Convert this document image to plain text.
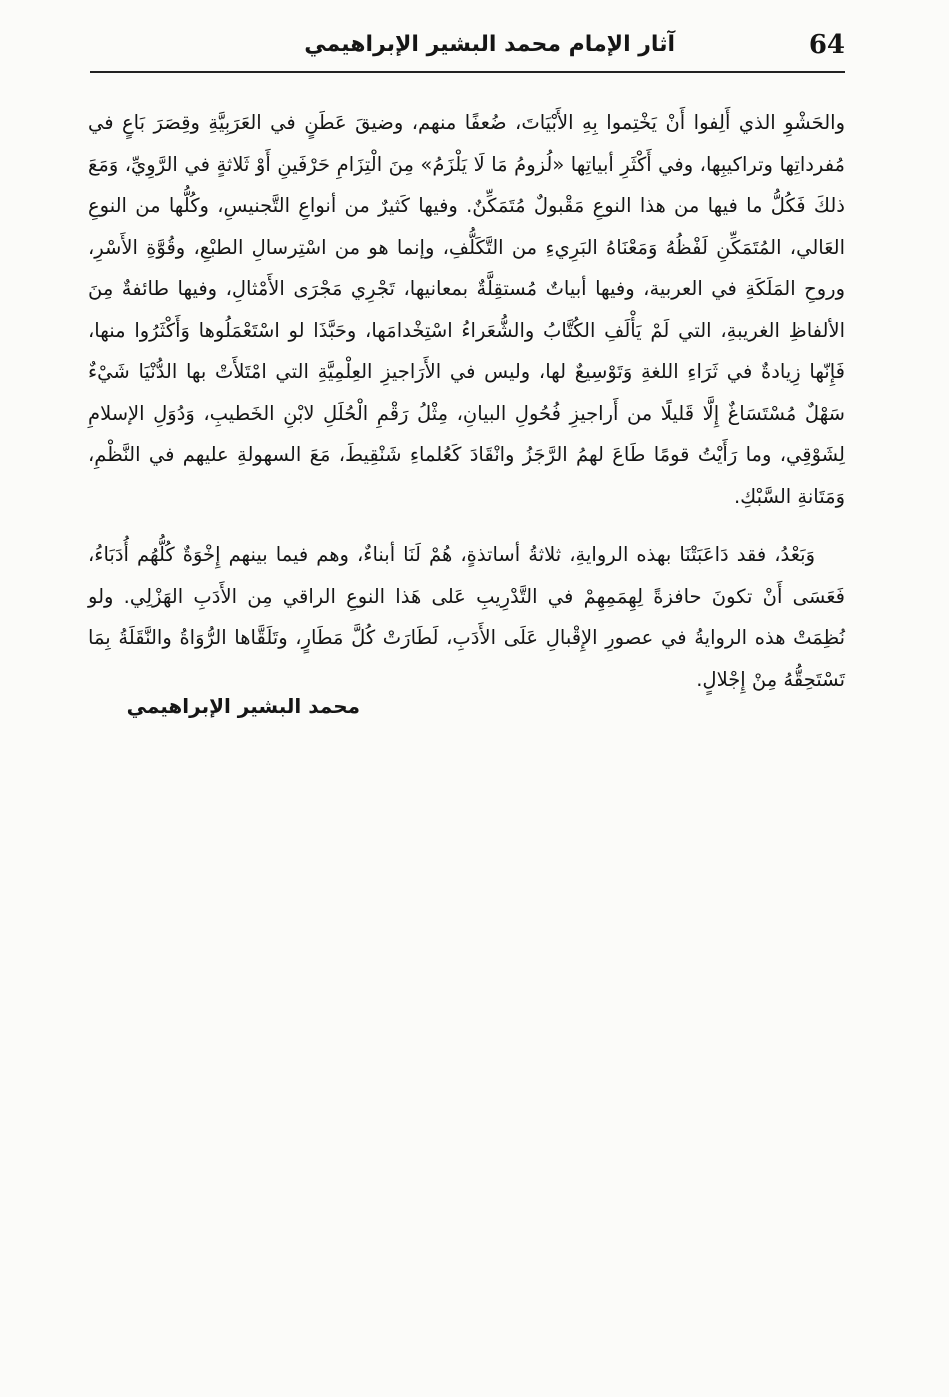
64
آثار الإمام محمد البشير الإبراهيمي

والحَشْوِ الذي أَلِفوا أَنْ يَخْتِموا بِهِ الأَبْيَاتَ، ضُعفًا منهم، وضيقَ عَطَنٍ في العَرَبِيَّةِ وقِصَرَ بَاعٍ في مُفرداتِها وتراكيبِها، وفي أَكْثَرِ أبياتِها «لُزومُ مَا لَا يَلْزَمُ» مِنَ الْتِزَامِ حَرْفَينِ أَوْ ثَلاثةٍ في الرَّوِيِّ، وَمَعَ ذلكَ فَكُلُّ ما فيها من هذا النوعِ مَقْبولٌ مُتَمَكِّنٌ. وفيها كَثيرٌ من أنواعِ التَّجنيسِ، وكُلُّها من النوعِ العَالي، المُتَمَكِّنِ لَفْظُهُ وَمَعْنَاهُ البَرِيءِ من التَّكَلُّفِ، وإنما هو من اسْتِرسالِ الطبْعِ، وقُوَّةِ الأَسْرِ، وروحِ المَلَكَةِ في العربية، وفيها أبياتٌ مُستقِلَّةٌ بمعانيها، تَجْرِي مَجْرَى الأَمْثالِ، وفيها طائفةٌ مِنَ الألفاظِ الغريبةِ، التي لَمْ يَأْلَفِ الكُتَّابُ والشُّعَراءُ اسْتِخْدامَها، وحَبَّذَا لو اسْتَعْمَلُوها وَأَكْثَرُوا منها، فَإِنّها زِيادةٌ في ثَرَاءِ اللغةِ وَتَوْسِيعٌ لها، وليس في الأَرَاجيزِ العِلْمِيَّةِ التي امْتَلأَتْ بها الدُّنْيَا شَيْءٌ سَهْلٌ مُسْتَسَاغٌ إِلَّا قَليلًا من أَراجيزِ فُحُولِ البيانِ، مِثْلُ رَقْمِ الْحُلَلِ لابْنِ الخَطيبِ، وَدُوَلِ الإسلامِ لِشَوْقِي، وما رَأَيْتُ قومًا طَاعَ لهمُ الرَّجَزُ وانْقَادَ كَعُلماءِ شَنْقِيطَ، مَعَ السهولةِ عليهم في النَّظْمِ، وَمَتَانةِ السَّبْكِ.

وَبَعْدُ، فقد دَاعَبَتْنَا بهذه الروايةِ، ثلاثةُ أساتذةٍ، هُمْ لَنَا أبناءٌ، وهم فيما بينهم إِخْوَةٌ كُلُّهُم أُدَبَاءُ، فَعَسَى أَنْ تكونَ حافزةً لِهِمَمِهِمْ في التَّدْرِيبِ عَلى هَذا النوعِ الراقي مِن الأَدَبِ الهَزْلِي. ولو نُظِمَتْ هذه الروايةُ في عصورِ الإِقْبالِ عَلَى الأَدَبِ، لَطَارَتْ كُلَّ مَطَارٍ، وتَلَقَّاها الرُّوَاةُ والنَّقَلَةُ بِمَا تَسْتَحِقُّهُ مِنْ إِجْلالٍ.

محمد البشير الإبراهيمي
